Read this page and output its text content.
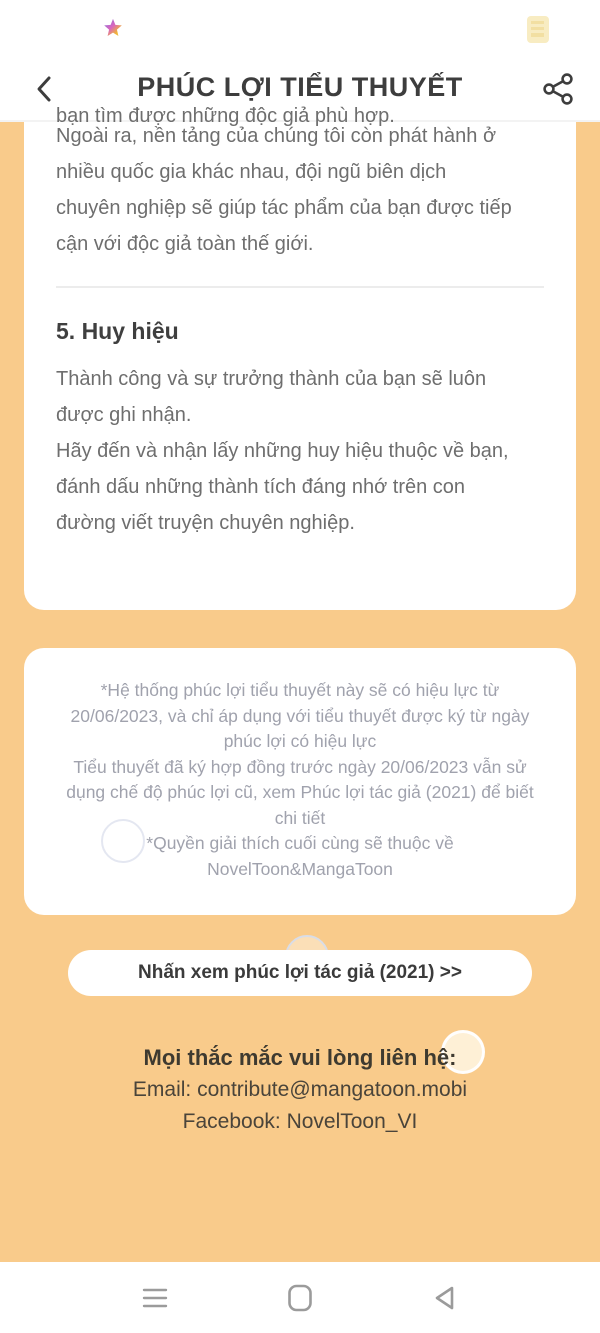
PHÚC LỢI TIỂU THUYẾT
bạn tìm được những độc giả phù hợp.
Ngoài ra, nền tảng của chúng tôi còn phát hành ở
nhiều quốc gia khác nhau, đội ngũ biên dịch
chuyên nghiệp sẽ giúp tác phẩm của bạn được tiếp
cận với độc giả toàn thế giới.
5. Huy hiệu
Thành công và sự trưởng thành của bạn sẽ luôn
được ghi nhận.
Hãy đến và nhận lấy những huy hiệu thuộc về bạn,
đánh dấu những thành tích đáng nhớ trên con
đường viết truyện chuyên nghiệp.
*Hệ thống phúc lợi tiểu thuyết này sẽ có hiệu lực từ
20/06/2023, và chỉ áp dụng với tiểu thuyết được ký từ ngày
phúc lợi có hiệu lực
Tiểu thuyết đã ký hợp đồng trước ngày 20/06/2023 vẫn sử
dụng chế độ phúc lợi cũ, xem Phúc lợi tác giả (2021) để biết
chi tiết
*Quyền giải thích cuối cùng sẽ thuộc về
NovelToon&MangaToon
Nhấn xem phúc lợi tác giả (2021) >>
Mọi thắc mắc vui lòng liên hệ:
Email: contribute@mangatoon.mobi
Facebook: NovelToon_VI
